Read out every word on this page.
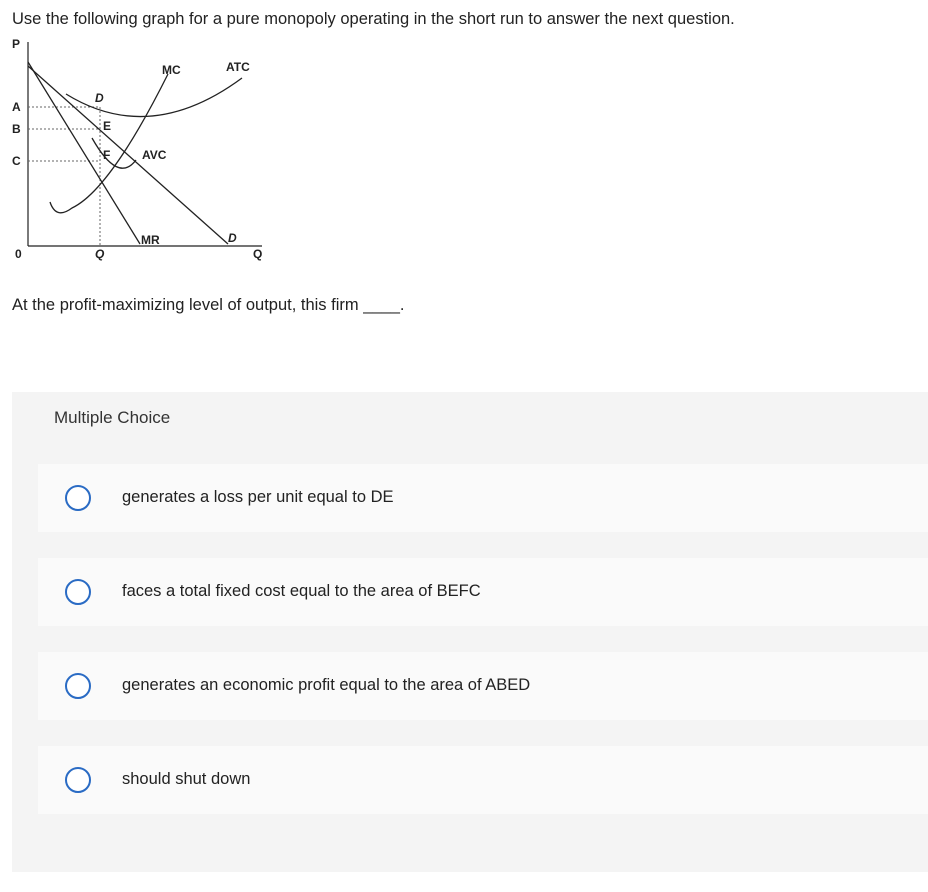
Use the following graph for a pure monopoly operating in the short run to answer the next question.
P
A
B
C
0	Q	Q
MC	ATC
AVC
MR
D
D
E
F
At the profit-maximizing level of output, this firm ____.
Multiple Choice
generates a loss per unit equal to DE
faces a total fixed cost equal to the area of BEFC
generates an economic profit equal to the area of ABED
should shut down
